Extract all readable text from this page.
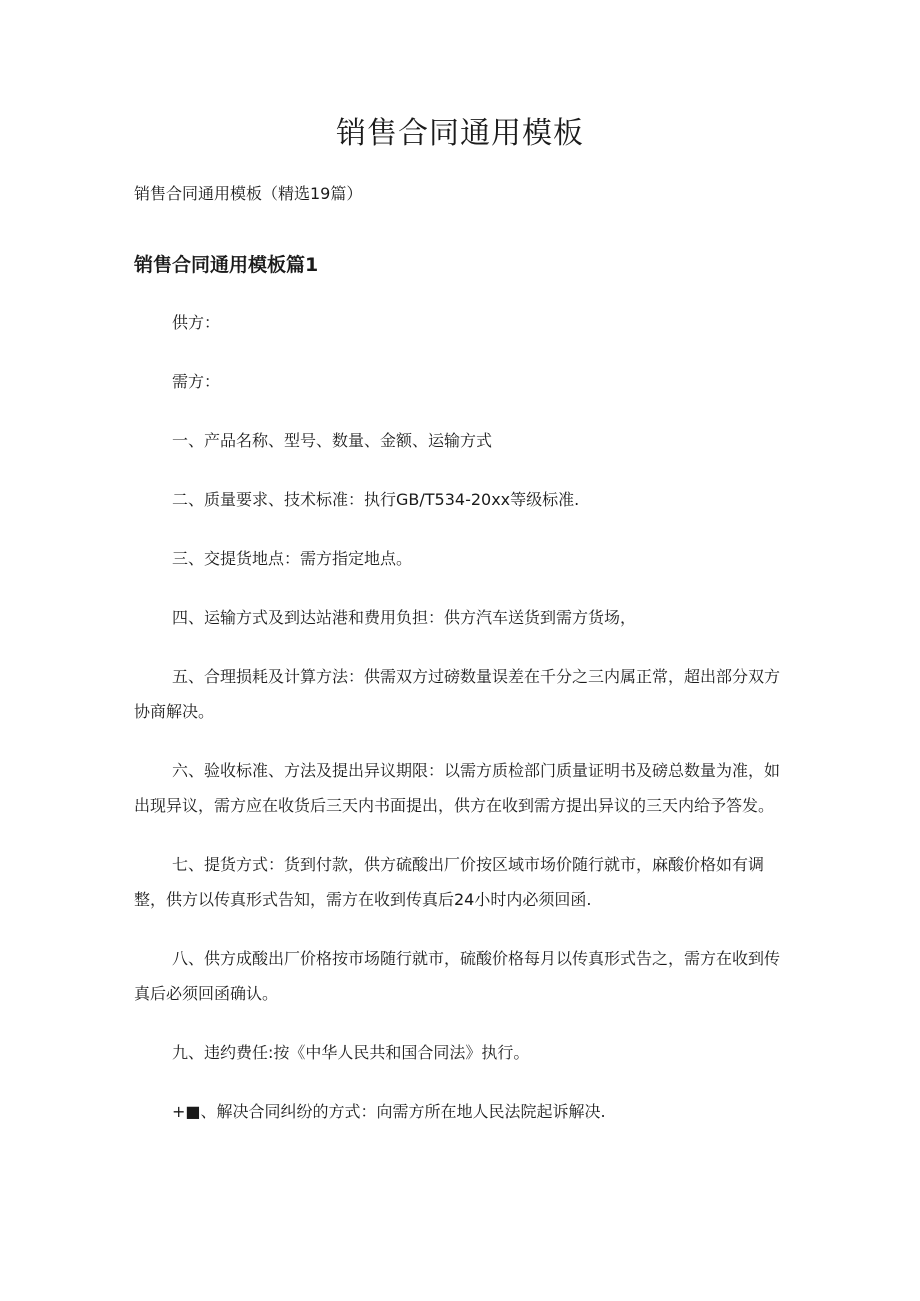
销售合同通用模板

销售合同通用模板（精选19篇）

销售合同通用模板篇1

供方：

需方：

一、产品名称、型号、数量、金额、运输方式

二、质量要求、技术标准：执行GB/T534-20xx等级标准.

三、交提货地点：需方指定地点。

四、运输方式及到达站港和费用负担：供方汽车送货到需方货场，

五、合理损耗及计算方法：供需双方过磅数量误差在千分之三内属正常，超出部分双方协商解决。

六、验收标准、方法及提出异议期限：以需方质检部门质量证明书及磅总数量为准，如出现异议，需方应在收货后三天内书面提出，供方在收到需方提出异议的三天内给予答发。

七、提货方式：货到付款，供方硫酸出厂价按区域市场价随行就市，麻酸价格如有调整，供方以传真形式告知，需方在收到传真后24小时内必须回函.

八、供方成酸出厂价格按市场随行就市，硫酸价格每月以传真形式告之，需方在收到传真后必须回函确认。

九、违约费任:按《中华人民共和国合同法》执行。

+■、解决合同纠纷的方式：向需方所在地人民法院起诉解决.
